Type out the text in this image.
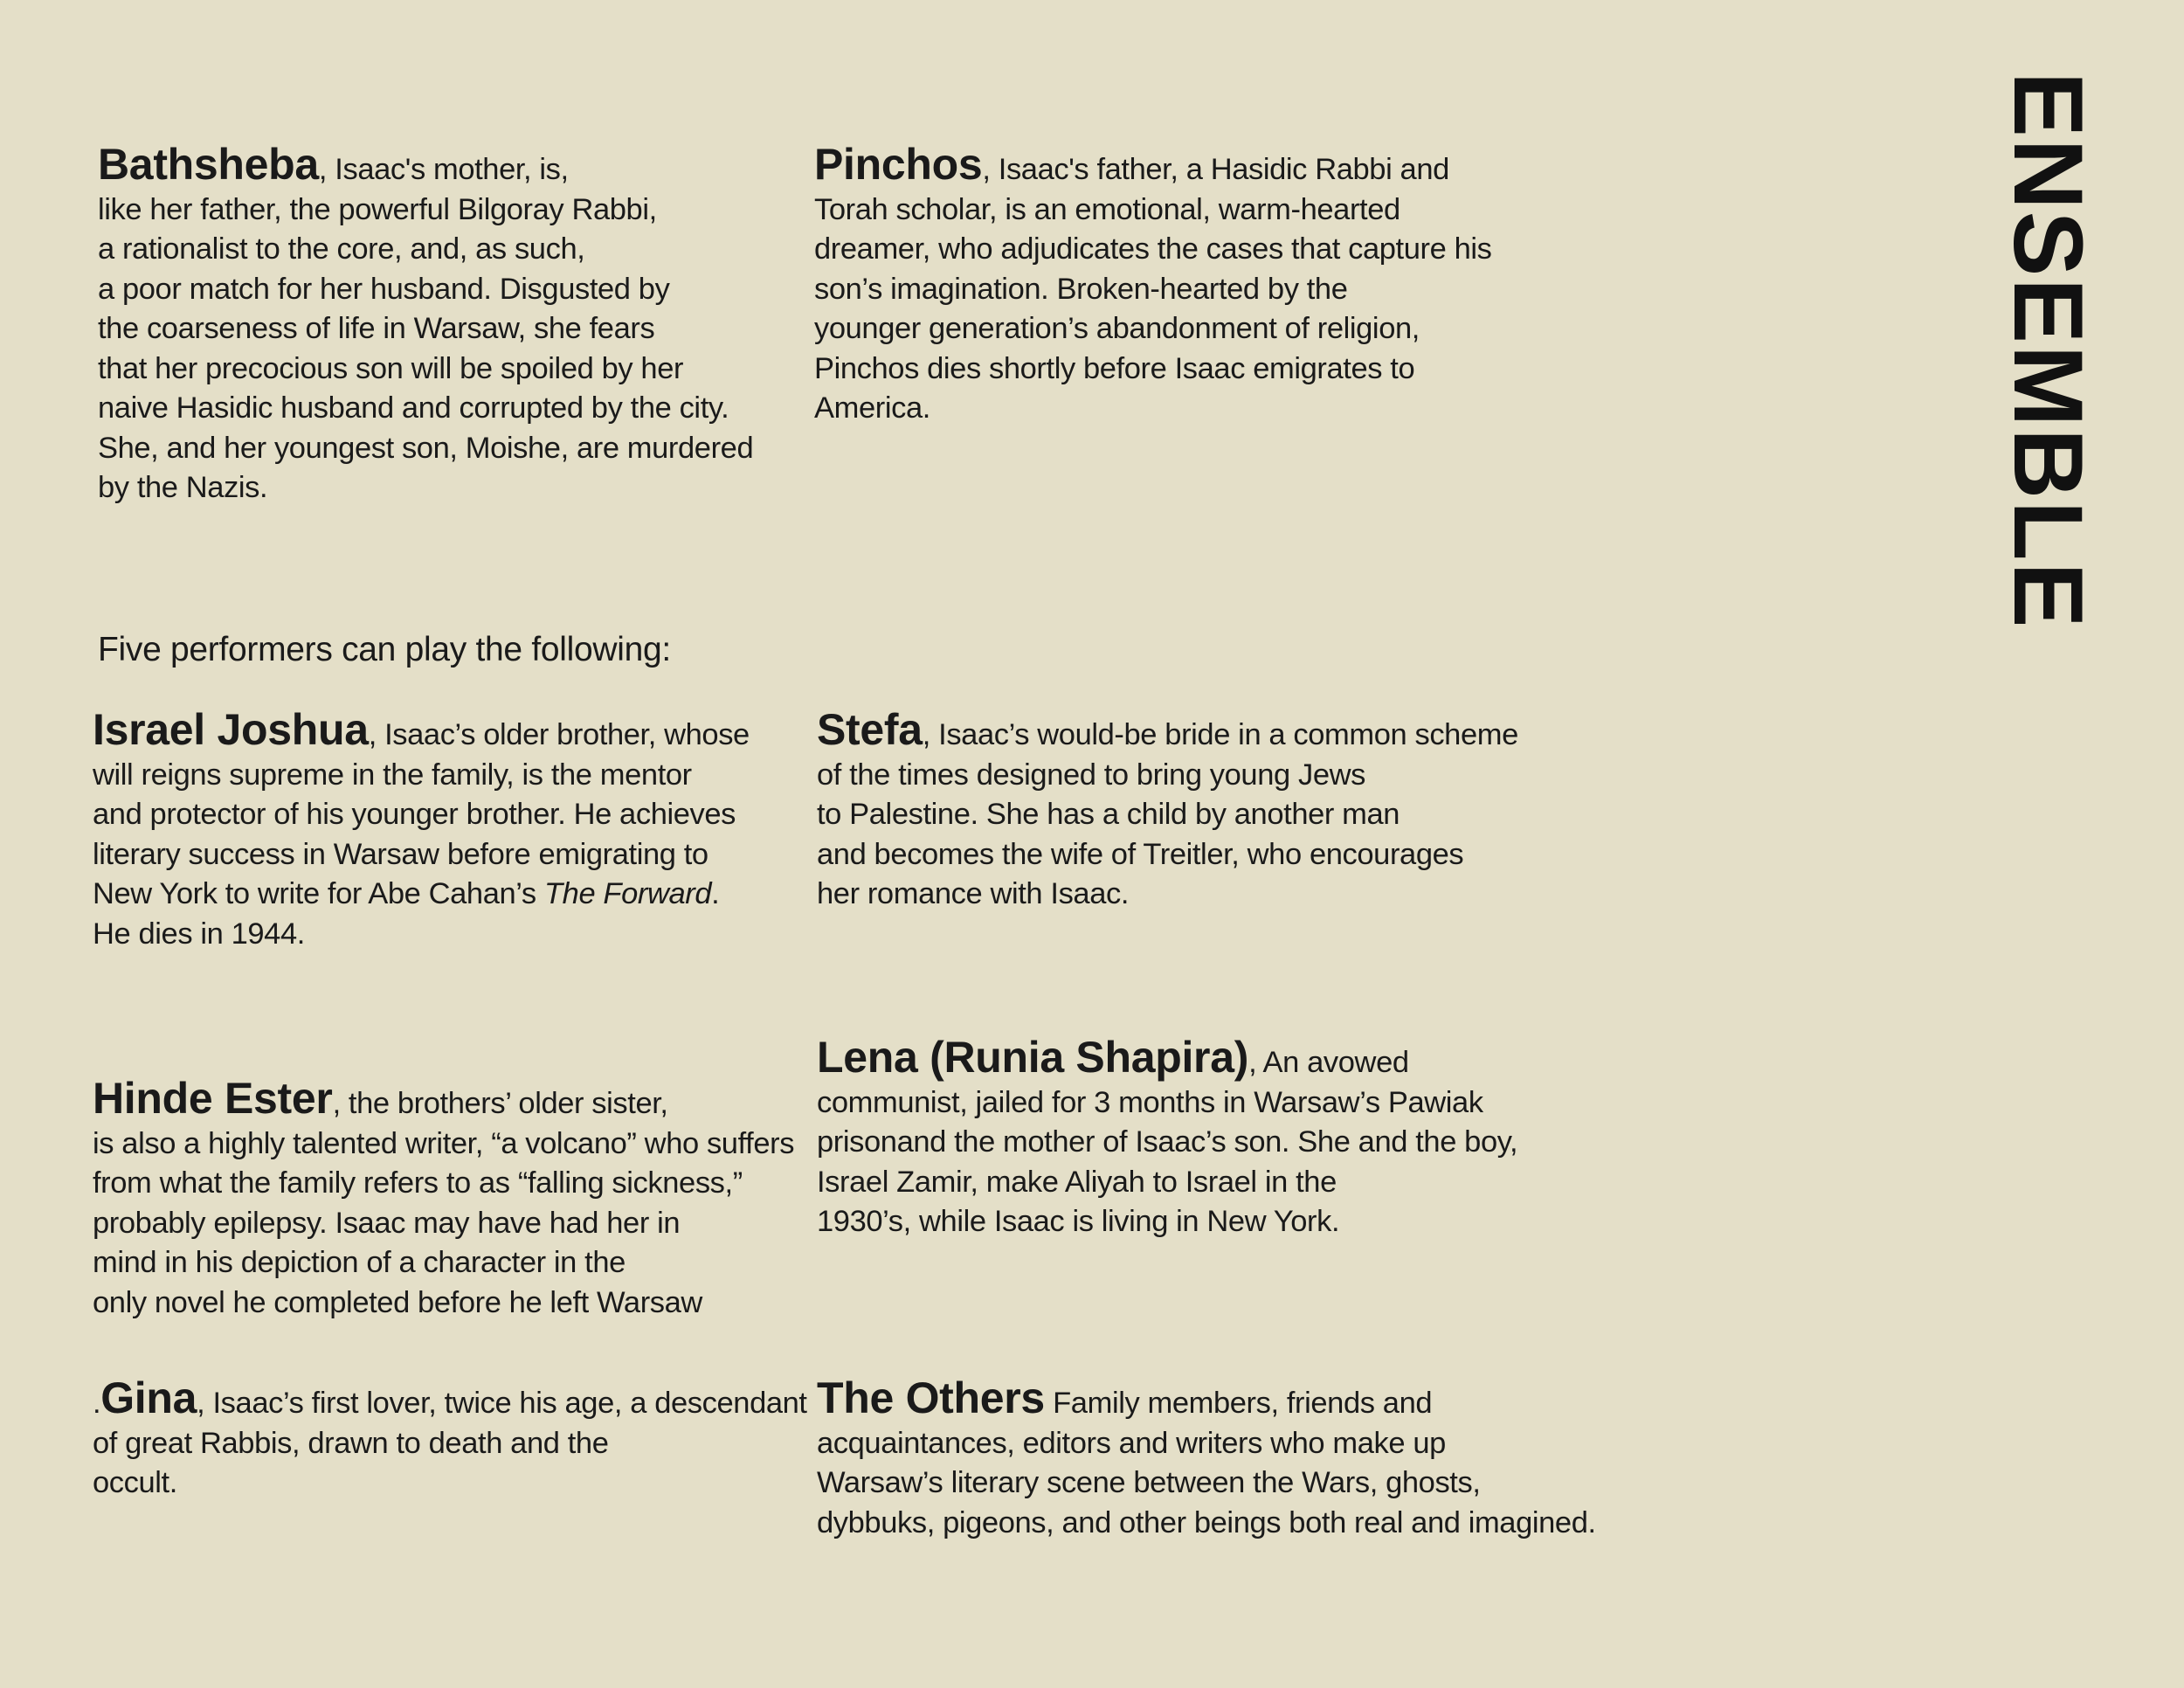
ENSEMBLE
Bathsheba, Isaac's mother, is,
like her father, the powerful Bilgoray Rabbi,
a rationalist to the core, and, as such,
a poor match for her husband. Disgusted by
the coarseness of life in Warsaw, she fears
that her precocious son will be spoiled by her
naive Hasidic husband and corrupted by the city.
She, and her youngest son, Moishe, are murdered
by the Nazis.
Pinchos, Isaac's father, a Hasidic Rabbi and
Torah scholar, is an emotional, warm-hearted
dreamer, who adjudicates the cases that capture his
son’s imagination. Broken-hearted by the
younger generation’s abandonment of religion,
Pinchos dies shortly before Isaac emigrates to
America.
Five performers can play the following:
Israel Joshua, Isaac’s older brother, whose
will reigns supreme in the family, is the mentor
and protector of his younger brother. He achieves
literary success in Warsaw before emigrating to
New York to write for Abe Cahan’s The Forward.
He dies in 1944.
Stefa, Isaac’s would-be bride in a common scheme
of the times designed to bring young Jews
to Palestine. She has a child by another man
and becomes the wife of Treitler, who encourages
her romance with Isaac.
Hinde Ester, the brothers’ older sister,
is also a highly talented writer, “a volcano” who suffers
from what the family refers to as “falling sickness,”
probably epilepsy. Isaac may have had her in
mind in his depiction of a character in the
only novel he completed before he left Warsaw
Lena (Runia Shapira), An avowed
communist, jailed for 3 months in Warsaw’s Pawiak
prisonand the mother of Isaac’s son. She and the boy,
Israel Zamir, make Aliyah to Israel in the
1930’s, while Isaac is living in New York.
.Gina, Isaac’s first lover, twice his age, a descendant
of great Rabbis, drawn to death and the
occult.
The Others Family members, friends and
acquaintances, editors and writers who make up
Warsaw’s literary scene between the Wars, ghosts,
dybbuks, pigeons, and other beings both real and imagined.
